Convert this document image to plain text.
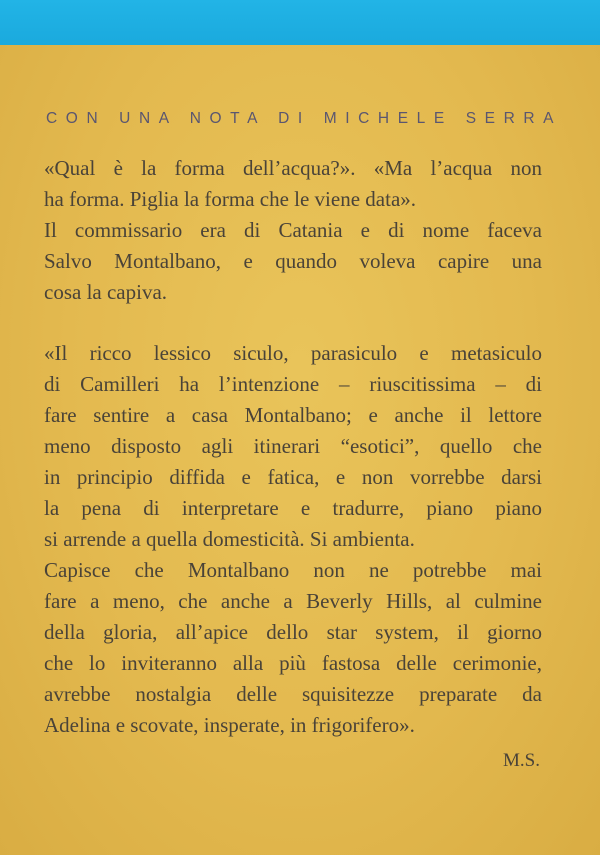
CON UNA NOTA DI MICHELE SERRA
«Qual è la forma dell’acqua?». «Ma l’acqua non
ha forma. Piglia la forma che le viene data».
Il commissario era di Catania e di nome faceva
Salvo Montalbano, e quando voleva capire una
cosa la capiva.
«Il ricco lessico siculo, parasiculo e metasiculo
di Camilleri ha l’intenzione – riuscitissima – di
fare sentire a casa Montalbano; e anche il lettore
meno disposto agli itinerari “esotici”, quello che
in principio diffida e fatica, e non vorrebbe darsi
la pena di interpretare e tradurre, piano piano
si arrende a quella domesticità. Si ambienta.
Capisce che Montalbano non ne potrebbe mai
fare a meno, che anche a Beverly Hills, al culmine
della gloria, all’apice dello star system, il giorno
che lo inviteranno alla più fastosa delle cerimonie,
avrebbe nostalgia delle squisitezze preparate da
Adelina e scovate, insperate, in frigorifero».
M.S.
